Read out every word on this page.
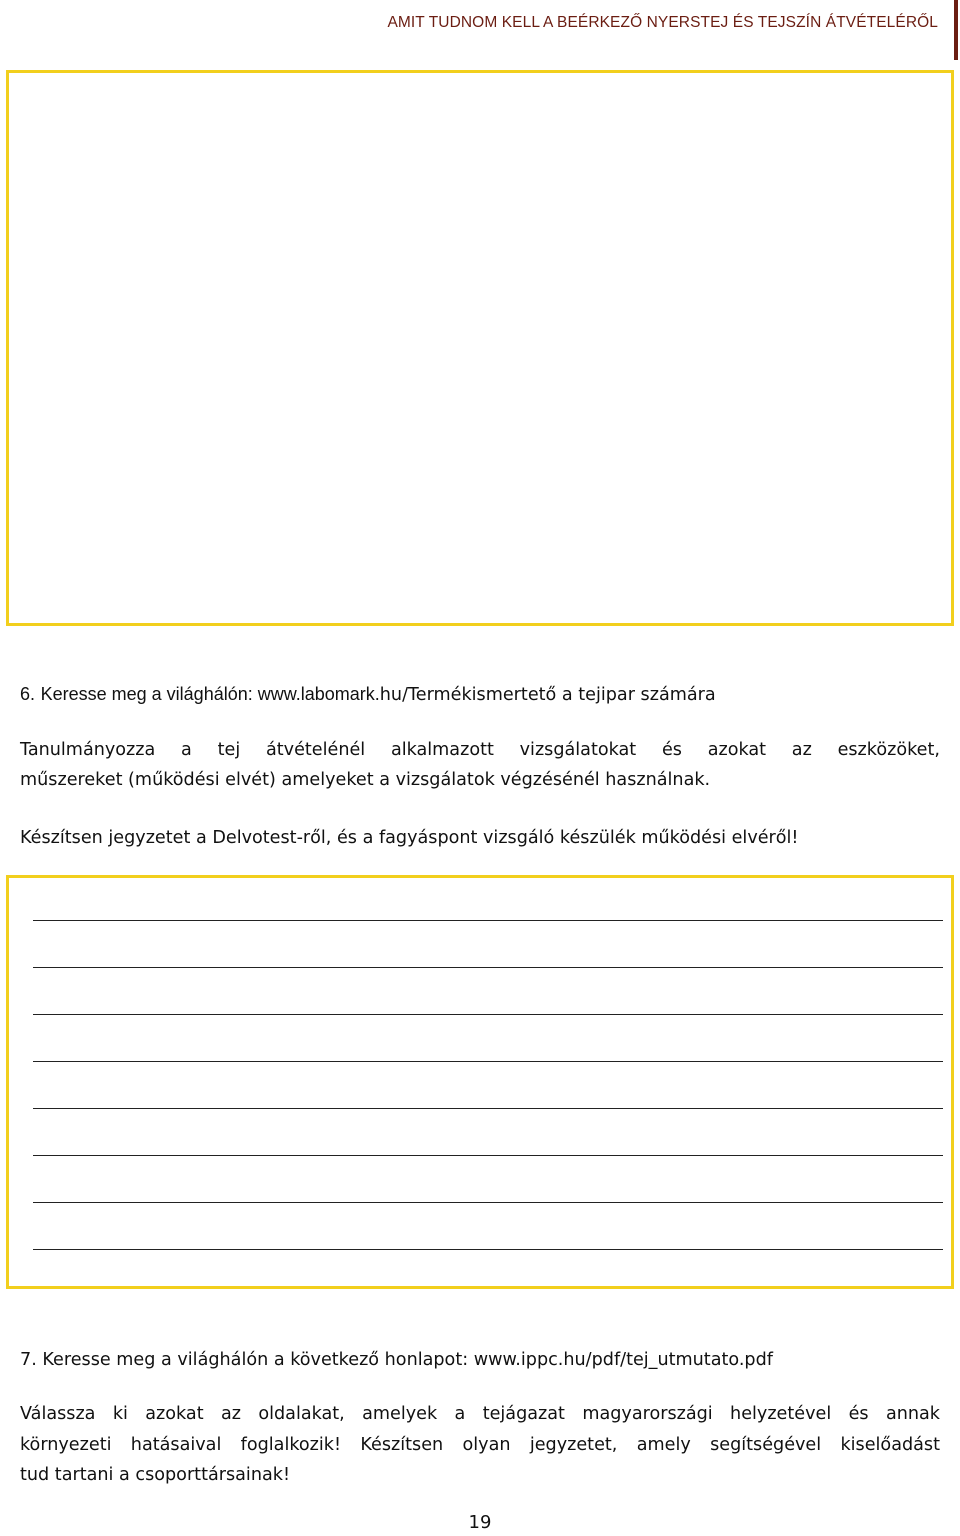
AMIT TUDNOM KELL A BEÉRKEZŐ NYERSTEJ ÉS TEJSZÍN ÁTVÉTELÉRŐL
6. Keresse meg a világhálón: www.labomark.hu/Termékismertető a tejipar számára
Tanulmányozza a tej átvételénél alkalmazott vizsgálatokat és azokat az eszközöket,
műszereket (működési elvét) amelyeket a vizsgálatok végzésénél használnak.
Készítsen jegyzetet a Delvotest-ről, és a fagyáspont vizsgáló készülék működési elvéről!
7. Keresse meg a világhálón a következő honlapot: www.ippc.hu/pdf/tej_utmutato.pdf
Válassza ki azokat az oldalakat, amelyek a tejágazat magyarországi helyzetével és annak
környezeti hatásaival foglalkozik! Készítsen olyan jegyzetet, amely segítségével kiselőadást
tud tartani a csoporttársainak!
19
